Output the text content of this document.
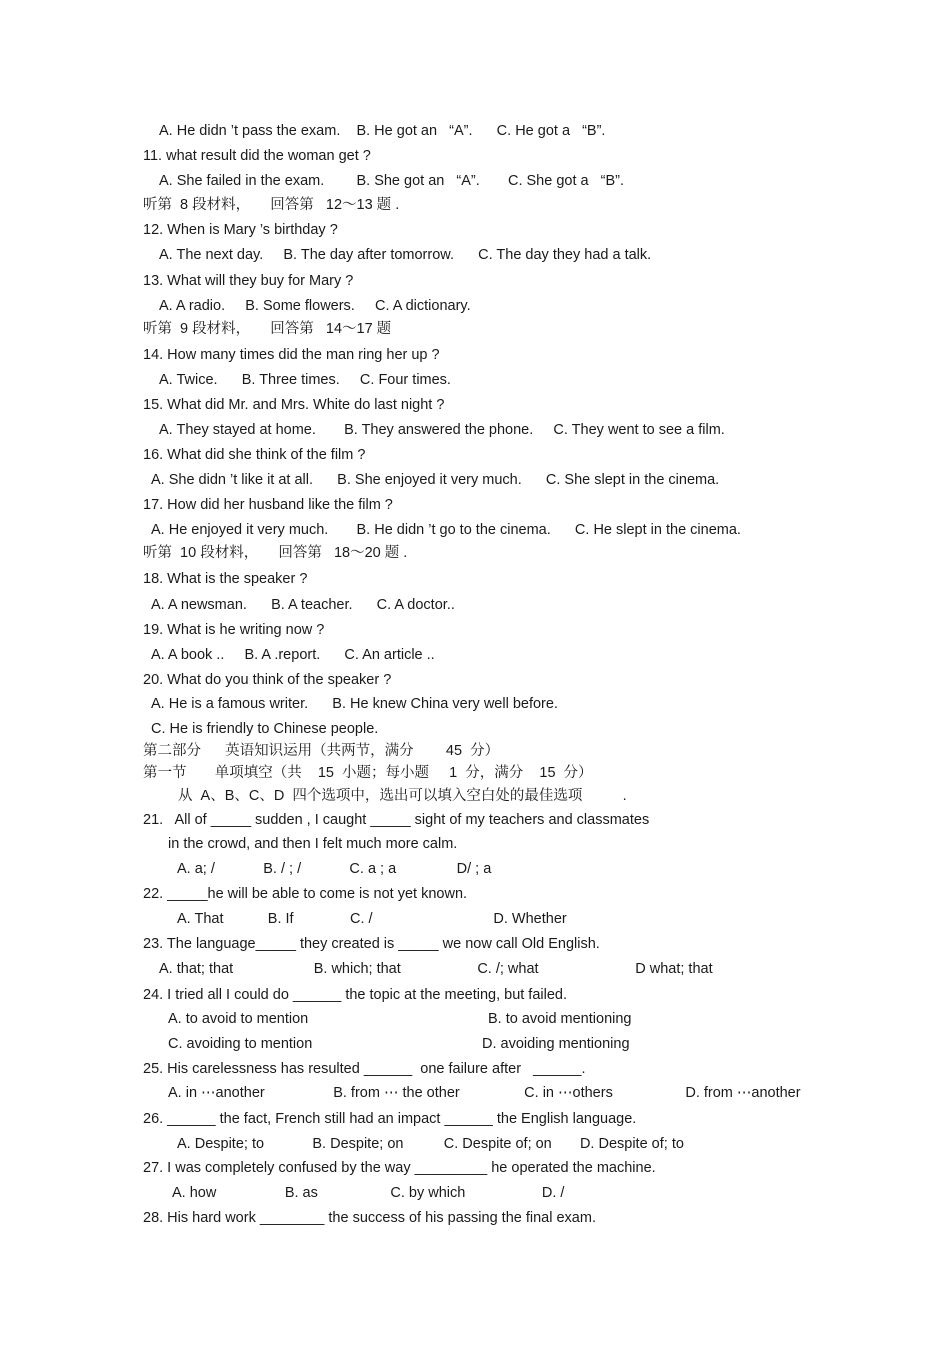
A. He didn ’t pass the exam.    B. He got an   “A”.      C. He got a   “B”.
11. what result did the woman get ?
A. She failed in the exam.        B. She got an   “A”.       C. She got a   “B”.
听第  8 段材料，     回答第   12～13 题 .
12. When is Mary ’s birthday ?
A. The next day.     B. The day after tomorrow.      C. The day they had a talk.
13. What will they buy for Mary ?
A. A radio.     B. Some flowers.     C. A dictionary.
听第  9 段材料，     回答第   14～17 题
14. How many times did the man ring her up ?
A. Twice.      B. Three times.     C. Four times.
15. What did Mr. and Mrs. White do last night ?
A. They stayed at home.       B. They answered the phone.     C. They went to see a film.
16. What did she think of the film ?
A. She didn ’t like it at all.      B. She enjoyed it very much.      C. She slept in the cinema.
17. How did her husband like the film ?
A. He enjoyed it very much.       B. He didn ’t go to the cinema.      C. He slept in the cinema.
听第  10 段材料，     回答第   18～20 题 .
18. What is the speaker ?
A. A newsman.      B. A teacher.      C. A doctor..
19. What is he writing now ?
A. A book ..     B. A .report.      C. An article ..
20. What do you think of the speaker ?
A. He is a famous writer.      B. He knew China very well before.
C. He is friendly to Chinese people.
第二部分      英语知识运用（共两节，满分        45  分）
第一节       单项填空（共    15  小题；每小题     1  分，满分    15  分）
从  A、B、C、D  四个选项中，选出可以填入空白处的最佳选项          .
21.   All of _____ sudden , I caught _____ sight of my teachers and classmates
in the crowd, and then I felt much more calm.
A. a; /            B. / ; /            C. a ; a               D/ ; a
22. _____he will be able to come is not yet known.
A. That           B. If              C. /                              D. Whether
23. The language_____ they created is _____ we now call Old English.
A. that; that                    B. which; that                   C. /; what                        D what; that
24. I tried all I could do ______ the topic at the meeting, but failed.
A. to avoid to mention	B. to avoid mentioning
C. avoiding to mention	D. avoiding mentioning
25. His carelessness has resulted ______  one failure after   ______.
A. in ⋯another                 B. from ⋯ the other                C. in ⋯others                  D. from ⋯another
26. ______ the fact, French still had an impact ______ the English language.
A. Despite; to            B. Despite; on          C. Despite of; on       D. Despite of; to
27. I was completely confused by the way _________ he operated the machine.
A. how                 B. as                  C. by which                   D. /
28. His hard work ________ the success of his passing the final exam.
